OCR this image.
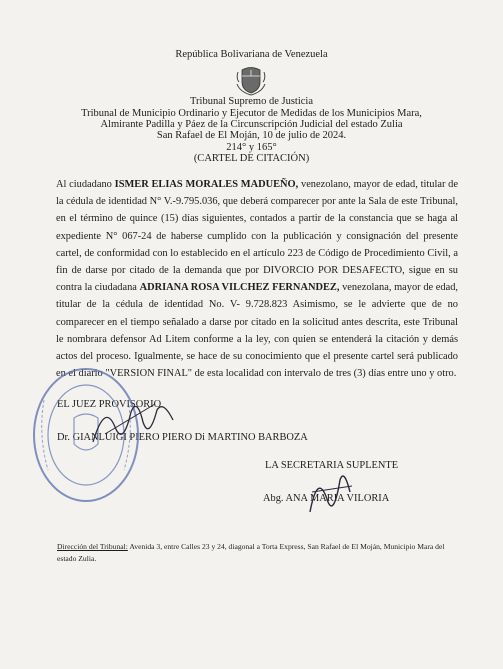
República Bolivariana de Venezuela
Tribunal Supremo de Justicia
Tribunal de Municipio Ordinario y Ejecutor de Medidas de los Municipios Mara,
Almirante Padilla y Páez de la Circunscripción Judicial del estado Zulia
San Rafael de El Moján, 10 de julio de 2024.
214° y 165°
(CARTEL DE CITACIÓN)
Al ciudadano ISMER ELIAS MORALES MADUEÑO, venezolano, mayor de edad, titular de la cédula de identidad N° V.-9.795.036, que deberá comparecer por ante la Sala de este Tribunal, en el término de quince (15) días siguientes, contados a partir de la constancia que se haga al expediente N° 067-24 de haberse cumplido con la publicación y consignación del presente cartel, de conformidad con lo establecido en el artículo 223 de Código de Procedimiento Civil, a fin de darse por citado de la demanda que por DIVORCIO POR DESAFECTO, sigue en su contra la ciudadana ADRIANA ROSA VILCHEZ FERNANDEZ, venezolana, mayor de edad, titular de la cédula de identidad No. V- 9.728.823 Asimismo, se le advierte que de no comparecer en el tiempo señalado a darse por citado en la solicitud antes descrita, este Tribunal le nombrara defensor Ad Litem conforme a la ley, con quien se entenderá la citación y demás actos del proceso. Igualmente, se hace de su conocimiento que el presente cartel será publicado en el diario "VERSION FINAL" de esta localidad con intervalo de tres (3) días entre uno y otro.
EL JUEZ PROVISORIO
Dr. GIANLUIGI PIERO PIERO Di MARTINO BARBOZA
LA SECRETARIA SUPLENTE
Abg. ANA MARIA VILORIA
Dirección del Tribunal: Avenida 3, entre Calles 23 y 24, diagonal a Torta Express, San Rafael de El Moján, Municipio Mara del estado Zulia.
